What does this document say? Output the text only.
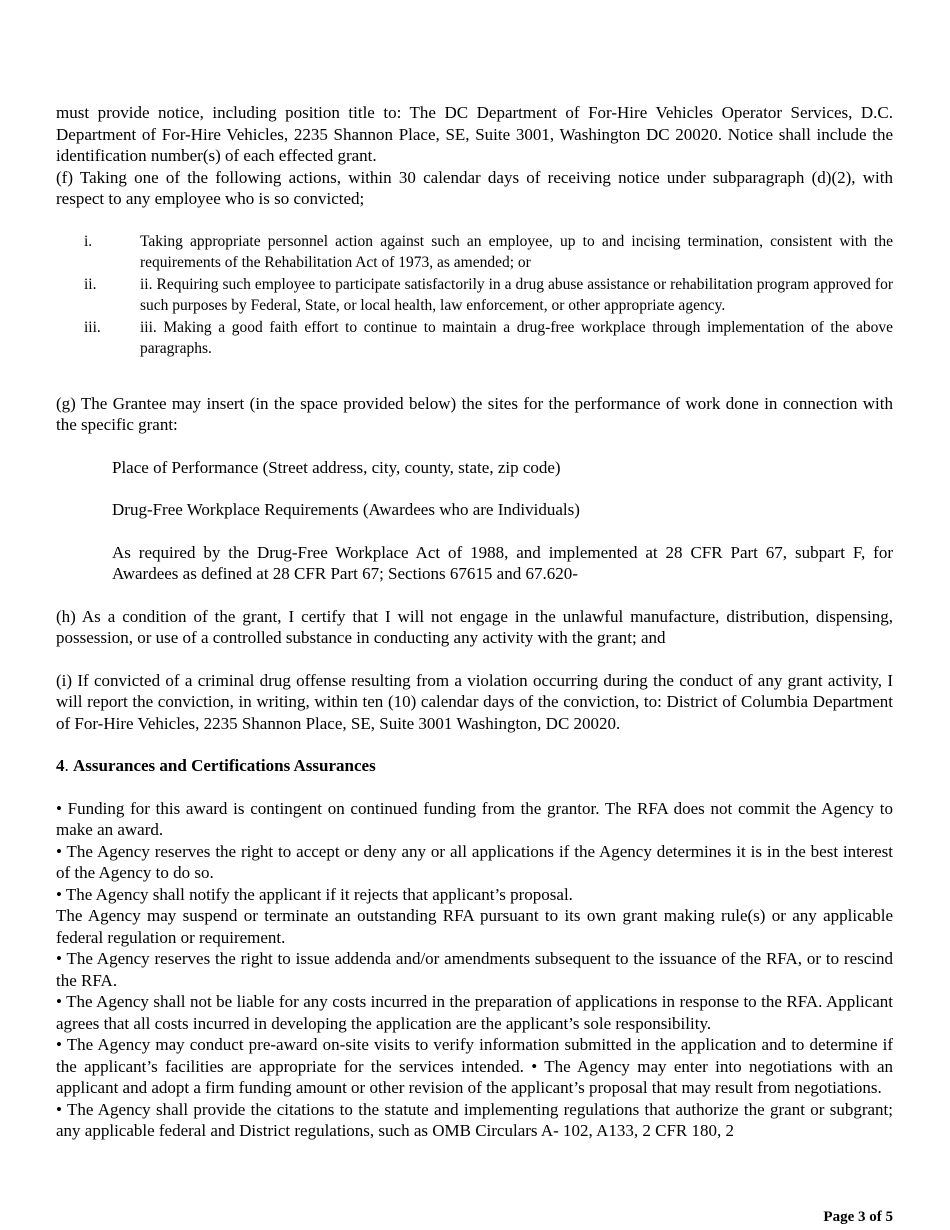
must provide notice, including position title to: The DC Department of For-Hire Vehicles Operator Services, D.C. Department of For-Hire Vehicles, 2235 Shannon Place, SE, Suite 3001, Washington DC 20020. Notice shall include the identification number(s) of each effected grant.

(f) Taking one of the following actions, within 30 calendar days of receiving notice under subparagraph (d)(2), with respect to any employee who is so convicted;

i.	Taking appropriate personnel action against such an employee, up to and incising termination, consistent with the requirements of the Rehabilitation Act of 1973, as amended; or
ii.	ii. Requiring such employee to participate satisfactorily in a drug abuse assistance or rehabilitation program approved for such purposes by Federal, State, or local health, law enforcement, or other appropriate agency.
iii.	iii. Making a good faith effort to continue to maintain a drug-free workplace through implementation of the above paragraphs.

(g) The Grantee may insert (in the space provided below) the sites for the performance of work done in connection with the specific grant:

Place of Performance (Street address, city, county, state, zip code)

Drug-Free Workplace Requirements (Awardees who are Individuals)

As required by the Drug-Free Workplace Act of 1988, and implemented at 28 CFR Part 67, subpart F, for Awardees as defined at 28 CFR Part 67; Sections 67615 and 67.620-

(h) As a condition of the grant, I certify that I will not engage in the unlawful manufacture, distribution, dispensing, possession, or use of a controlled substance in conducting any activity with the grant; and

(i) If convicted of a criminal drug offense resulting from a violation occurring during the conduct of any grant activity, I will report the conviction, in writing, within ten (10) calendar days of the conviction, to: District of Columbia Department of For-Hire Vehicles, 2235 Shannon Place, SE, Suite 3001 Washington, DC 20020.

4. Assurances and Certifications Assurances

• Funding for this award is contingent on continued funding from the grantor. The RFA does not commit the Agency to make an award.

• The Agency reserves the right to accept or deny any or all applications if the Agency determines it is in the best interest of the Agency to do so.

• The Agency shall notify the applicant if it rejects that applicant’s proposal.

The Agency may suspend or terminate an outstanding RFA pursuant to its own grant making rule(s) or any applicable federal regulation or requirement.

• The Agency reserves the right to issue addenda and/or amendments subsequent to the issuance of the RFA, or to rescind the RFA.

• The Agency shall not be liable for any costs incurred in the preparation of applications in response to the RFA. Applicant agrees that all costs incurred in developing the application are the applicant’s sole responsibility.

• The Agency may conduct pre-award on-site visits to verify information submitted in the application and to determine if the applicant’s facilities are appropriate for the services intended. • The Agency may enter into negotiations with an applicant and adopt a firm funding amount or other revision of the applicant’s proposal that may result from negotiations.

• The Agency shall provide the citations to the statute and implementing regulations that authorize the grant or subgrant; any applicable federal and District regulations, such as OMB Circulars A- 102, A133, 2 CFR 180, 2

Page 3 of 5
